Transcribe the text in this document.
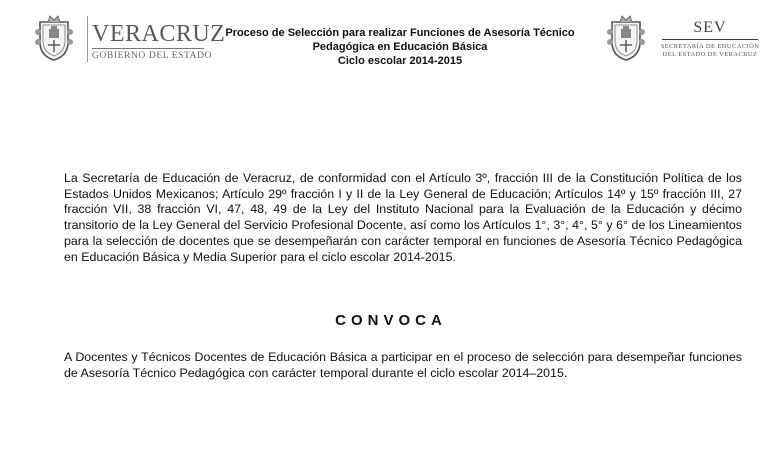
VERACRUZ
GOBIERNO DEL ESTADO
Proceso de Selección para realizar Funciones de Asesoría Técnico
Pedagógica en Educación Básica
Ciclo escolar 2014-2015
SEV
SECRETARÍA DE EDUCACIÓN
DEL ESTADO DE VERACRUZ

La Secretaría de Educación de Veracruz, de conformidad con el Artículo 3º, fracción III de la Constitución Política de los Estados Unidos Mexicanos; Artículo 29º fracción I y II de la Ley General de Educación; Artículos 14º y 15º fracción III, 27 fracción VII, 38 fracción VI, 47, 48, 49 de la Ley del Instituto Nacional para la Evaluación de la Educación y décimo transitorio de la Ley General del Servicio Profesional Docente, así como los Artículos 1°, 3°, 4°, 5° y 6° de los Lineamientos para la selección de docentes que se desempeñarán con carácter temporal en funciones de Asesoría Técnico Pedagógica en Educación Básica y Media Superior para el ciclo escolar 2014-2015.

CONVOCA

A Docentes y Técnicos Docentes de Educación Básica a participar en el proceso de selección para desempeñar funciones de Asesoría Técnico Pedagógica con carácter temporal durante el ciclo escolar 2014–2015.
